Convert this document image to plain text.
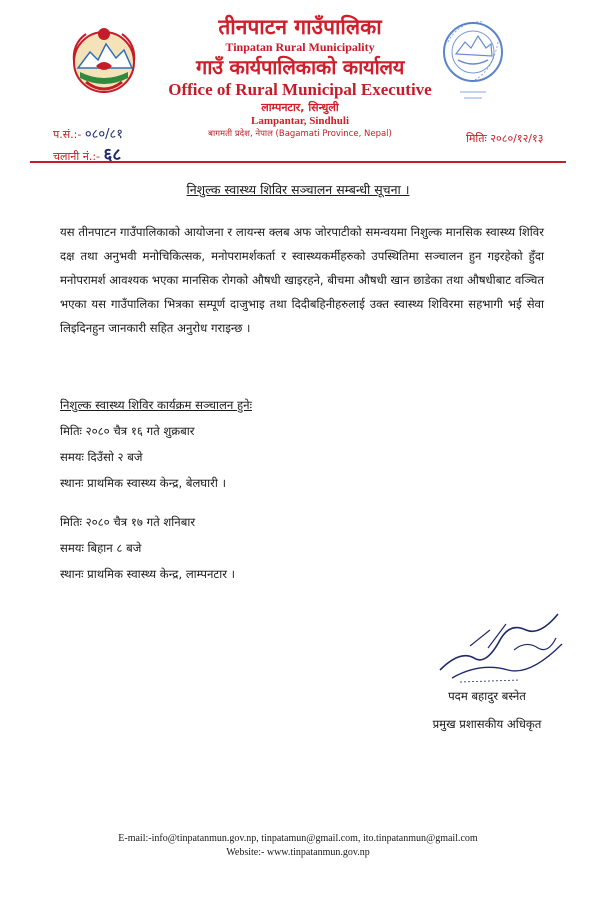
तीनपाटन गाउँपालिका
Tinpatan Rural Municipality
गाउँ कार्यपालिकाको कार्यालय
Office of Rural Municipal Executive
लाम्पनटार, सिन्धुली
Lampantar, Sindhuli
बागमती प्रदेश, नेपाल (Bagamati Province, Nepal)
प.सं.:- ०८०/८१
चलानी नं.:- ६८
मितिः २०८०/१२/१३
निशुल्क स्वास्थ्य शिविर सञ्चालन सम्बन्धी सूचना ।
यस तीनपाटन गाउँपालिकाको आयोजना र लायन्स क्लब अफ जोरपाटीको समन्वयमा निशुल्क मानसिक स्वास्थ्य शिविर दक्ष तथा अनुभवी मनोचिकित्सक, मनोपरामर्शकर्ता र स्वास्थ्यकर्मीहरुको उपस्थितिमा सञ्चालन हुन गइरहेको हुँदा मनोपरामर्श आवश्यक भएका मानसिक रोगको औषधी खाइरहने, बीचमा औषधी खान छाडेका तथा औषधीबाट वञ्चित भएका यस गाउँपालिका भित्रका सम्पूर्ण दाजुभाइ तथा दिदीबहिनीहरुलाई उक्त स्वास्थ्य शिविरमा सहभागी भई सेवा लिइदिनहुन जानकारी सहित अनुरोध गराइन्छ ।
निशुल्क स्वास्थ्य शिविर कार्यक्रम सञ्चालन हुनेः
मितिः २०८० चैत्र १६ गते शुक्रबार
समयः दिउँसो २ बजे
स्थानः प्राथमिक स्वास्थ्य केन्द्र, बेलघारी ।
मितिः २०८० चैत्र १७ गते शनिबार
समयः बिहान ८ बजे
स्थानः प्राथमिक स्वास्थ्य केन्द्र, लाम्पनटार ।
पदम बहादुर बस्नेत
प्रमुख प्रशासकीय अधिकृत
E-mail:-info@tinpatanmun.gov.np, tinpatamun@gmail.com, ito.tinpatanmun@gmail.com
Website:- www.tinpatanmun.gov.np
